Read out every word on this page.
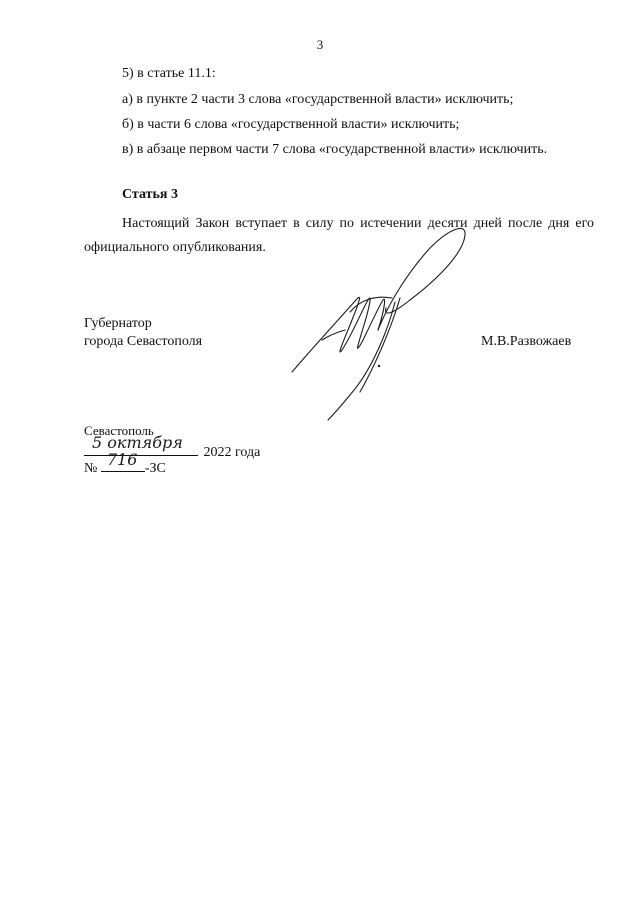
3
5) в статье 11.1:
а) в пункте 2 части 3 слова «государственной власти» исключить;
б) в части 6 слова «государственной власти» исключить;
в) в абзаце первом части 7 слова «государственной власти» исключить.
Статья 3
Настоящий Закон вступает в силу по истечении десяти дней после дня его официального опубликования.
Губернатор
города Севастополя	М.В.Развожаев
Севастополь
5 октября
2022 года
№ 716 -ЗС
